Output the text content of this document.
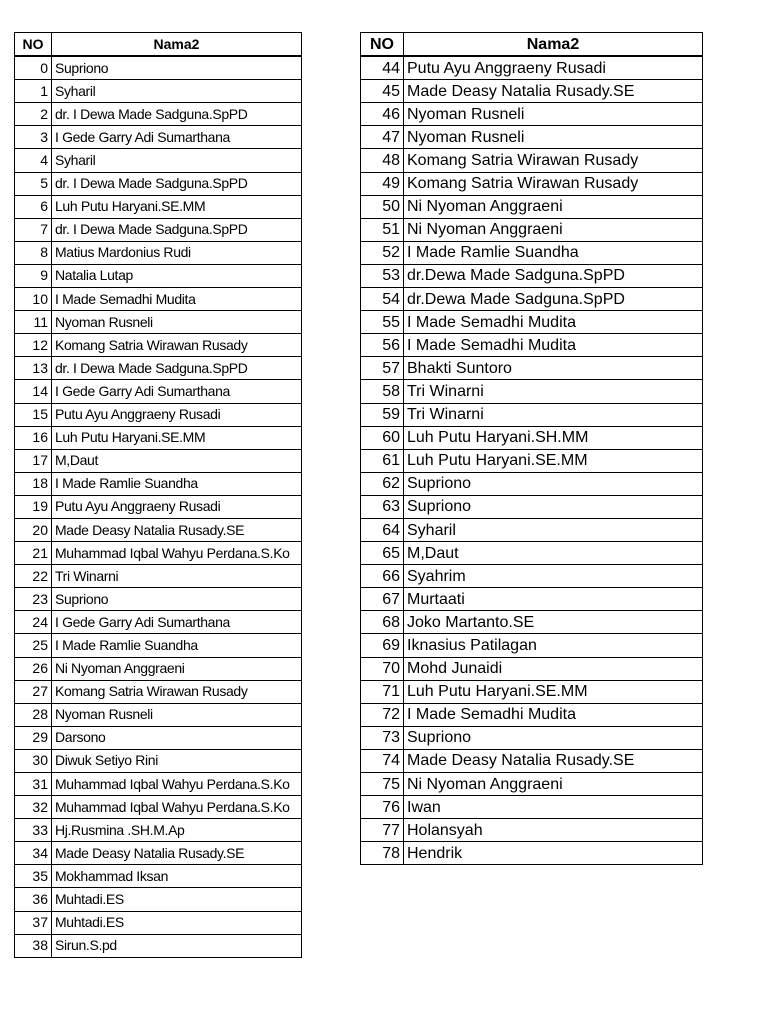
NO	Nama2
0	Supriono
1	Syharil
2	dr. I Dewa Made Sadguna.SpPD
3	I Gede Garry Adi Sumarthana
4	Syharil
5	dr. I Dewa Made Sadguna.SpPD
6	Luh Putu Haryani.SE.MM
7	dr. I Dewa Made Sadguna.SpPD
8	Matius Mardonius Rudi
9	Natalia Lutap
10	I Made Semadhi Mudita
11	Nyoman Rusneli
12	Komang Satria Wirawan Rusady
13	dr. I Dewa Made Sadguna.SpPD
14	I Gede Garry Adi Sumarthana
15	Putu Ayu Anggraeny Rusadi
16	Luh Putu Haryani.SE.MM
17	M,Daut
18	I Made Ramlie Suandha
19	Putu Ayu Anggraeny Rusadi
20	Made Deasy Natalia Rusady.SE
21	Muhammad Iqbal Wahyu Perdana.S.Ko
22	Tri Winarni
23	Supriono
24	I Gede Garry Adi Sumarthana
25	I Made Ramlie Suandha
26	Ni Nyoman Anggraeni
27	Komang Satria Wirawan Rusady
28	Nyoman Rusneli
29	Darsono
30	Diwuk Setiyo Rini
31	Muhammad Iqbal Wahyu Perdana.S.Ko
32	Muhammad Iqbal Wahyu Perdana.S.Ko
33	Hj.Rusmina .SH.M.Ap
34	Made Deasy Natalia Rusady.SE
35	Mokhammad Iksan
36	Muhtadi.ES
37	Muhtadi.ES
38	Sirun.S.pd
NO	Nama2
44	Putu Ayu Anggraeny Rusadi
45	Made Deasy Natalia Rusady.SE
46	Nyoman Rusneli
47	Nyoman Rusneli
48	Komang Satria Wirawan Rusady
49	Komang Satria Wirawan Rusady
50	Ni Nyoman Anggraeni
51	Ni Nyoman Anggraeni
52	I Made Ramlie Suandha
53	dr.Dewa Made Sadguna.SpPD
54	dr.Dewa Made Sadguna.SpPD
55	I Made Semadhi Mudita
56	I Made Semadhi Mudita
57	Bhakti Suntoro
58	Tri Winarni
59	Tri Winarni
60	Luh Putu Haryani.SH.MM
61	Luh Putu Haryani.SE.MM
62	Supriono
63	Supriono
64	Syharil
65	M,Daut
66	Syahrim
67	Murtaati
68	Joko Martanto.SE
69	Iknasius Patilagan
70	Mohd Junaidi
71	Luh Putu Haryani.SE.MM
72	I Made Semadhi Mudita
73	Supriono
74	Made Deasy Natalia Rusady.SE
75	Ni Nyoman Anggraeni
76	Iwan
77	Holansyah
78	Hendrik
